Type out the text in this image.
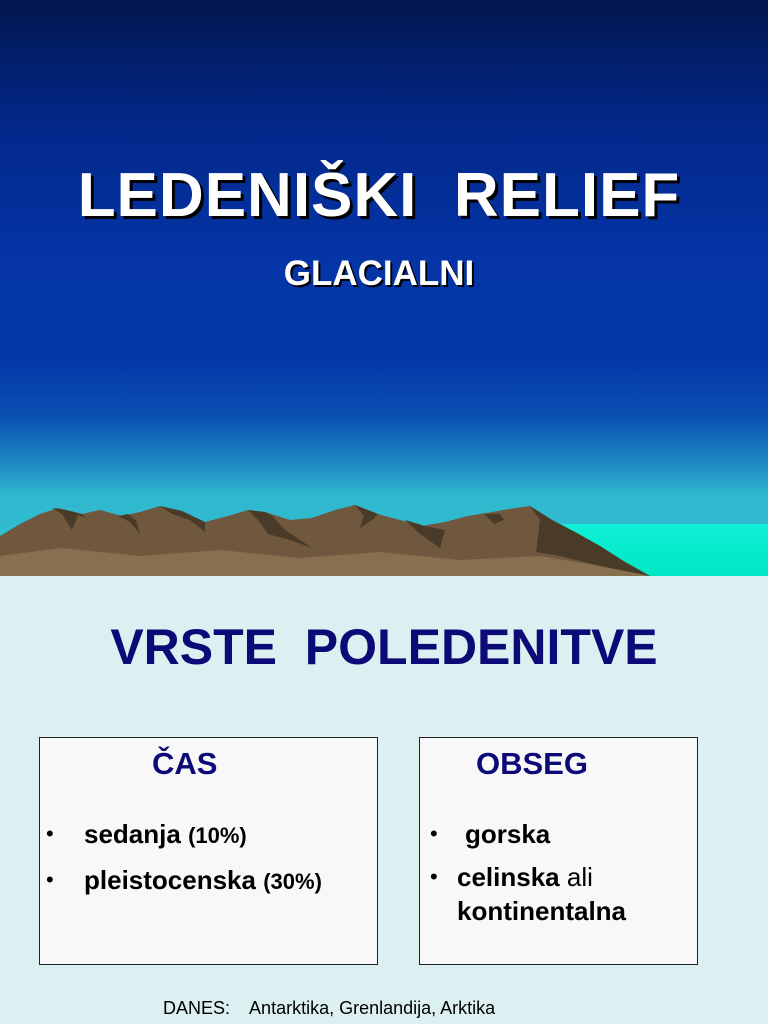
LEDENIŠKI  RELIEF
GLACIALNI
VRSTE  POLEDENITVE
ČAS
• sedanja (10%)
• pleistocenska (30%)
OBSEG
• gorska
• celinska ali
kontinentalna
DANES: Antarktika, Grenlandija, Arktika
